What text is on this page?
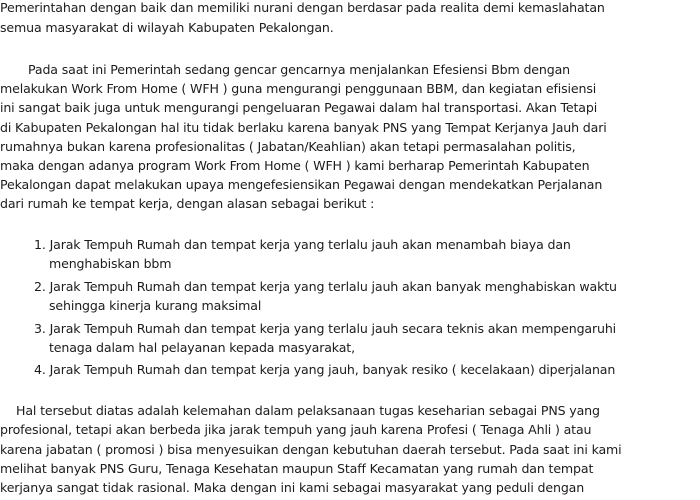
Pemerintahan dengan baik dan memiliki nurani dengan berdasar pada realita demi kemaslahatan
semua masyarakat di wilayah Kabupaten Pekalongan.
Pada saat ini Pemerintah sedang gencar gencarnya menjalankan Efesiensi Bbm dengan
melakukan Work From Home ( WFH ) guna mengurangi penggunaan BBM, dan kegiatan efisiensi
ini sangat baik juga untuk mengurangi pengeluaran Pegawai dalam hal transportasi. Akan Tetapi
di Kabupaten Pekalongan hal itu tidak berlaku karena banyak PNS yang Tempat Kerjanya Jauh dari
rumahnya bukan karena profesionalitas ( Jabatan/Keahlian) akan tetapi permasalahan politis,
maka dengan adanya program Work From Home ( WFH ) kami berharap Pemerintah Kabupaten
Pekalongan dapat melakukan upaya mengefesiensikan Pegawai dengan mendekatkan Perjalanan
dari rumah ke tempat kerja, dengan alasan sebagai berikut :
1. Jarak Tempuh Rumah dan tempat kerja yang terlalu jauh akan menambah biaya dan
menghabiskan bbm
2. Jarak Tempuh Rumah dan tempat kerja yang terlalu jauh akan banyak menghabiskan waktu
sehingga kinerja kurang maksimal
3. Jarak Tempuh Rumah dan tempat kerja yang terlalu jauh secara teknis akan mempengaruhi
tenaga dalam hal pelayanan kepada masyarakat,
4. Jarak Tempuh Rumah dan tempat kerja yang jauh, banyak resiko ( kecelakaan) diperjalanan
Hal tersebut diatas adalah kelemahan dalam pelaksanaan tugas keseharian sebagai PNS yang
profesional, tetapi akan berbeda jika jarak tempuh yang jauh karena Profesi ( Tenaga Ahli ) atau
karena jabatan ( promosi ) bisa menyesuikan dengan kebutuhan daerah tersebut. Pada saat ini kami
melihat banyak PNS Guru, Tenaga Kesehatan maupun Staff Kecamatan yang rumah dan tempat
kerjanya sangat tidak rasional. Maka dengan ini kami sebagai masyarakat yang peduli dengan
